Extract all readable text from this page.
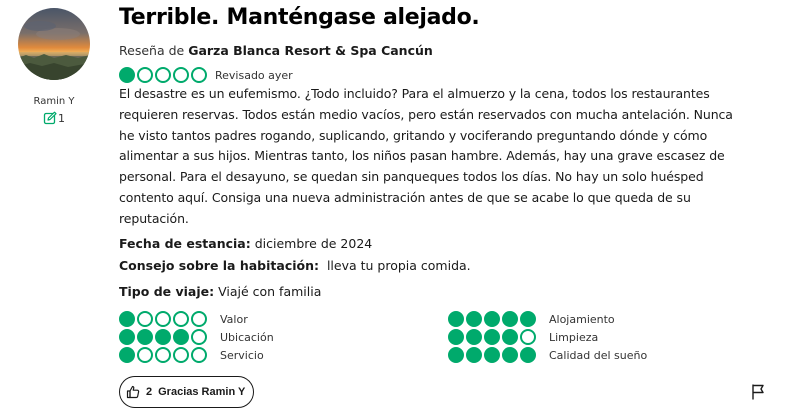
Ramin Y
1
Terrible. Manténgase alejado.
Reseña de Garza Blanca Resort & Spa Cancún
Revisado ayer

El desastre es un eufemismo. ¿Todo incluido? Para el almuerzo y la cena, todos los restaurantes requieren reservas. Todos están medio vacíos, pero están reservados con mucha antelación. Nunca he visto tantos padres rogando, suplicando, gritando y vociferando preguntando dónde y cómo alimentar a sus hijos. Mientras tanto, los niños pasan hambre. Además, hay una grave escasez de personal. Para el desayuno, se quedan sin panqueques todos los días. No hay un solo huésped contento aquí. Consiga una nueva administración antes de que se acabe lo que queda de su reputación.

Fecha de estancia: diciembre de 2024
Consejo sobre la habitación: lleva tu propia comida.
Tipo de viaje: Viajé con familia
Valor
Ubicación
Servicio
Alojamiento
Limpieza
Calidad del sueño
2 Gracias Ramin Y
